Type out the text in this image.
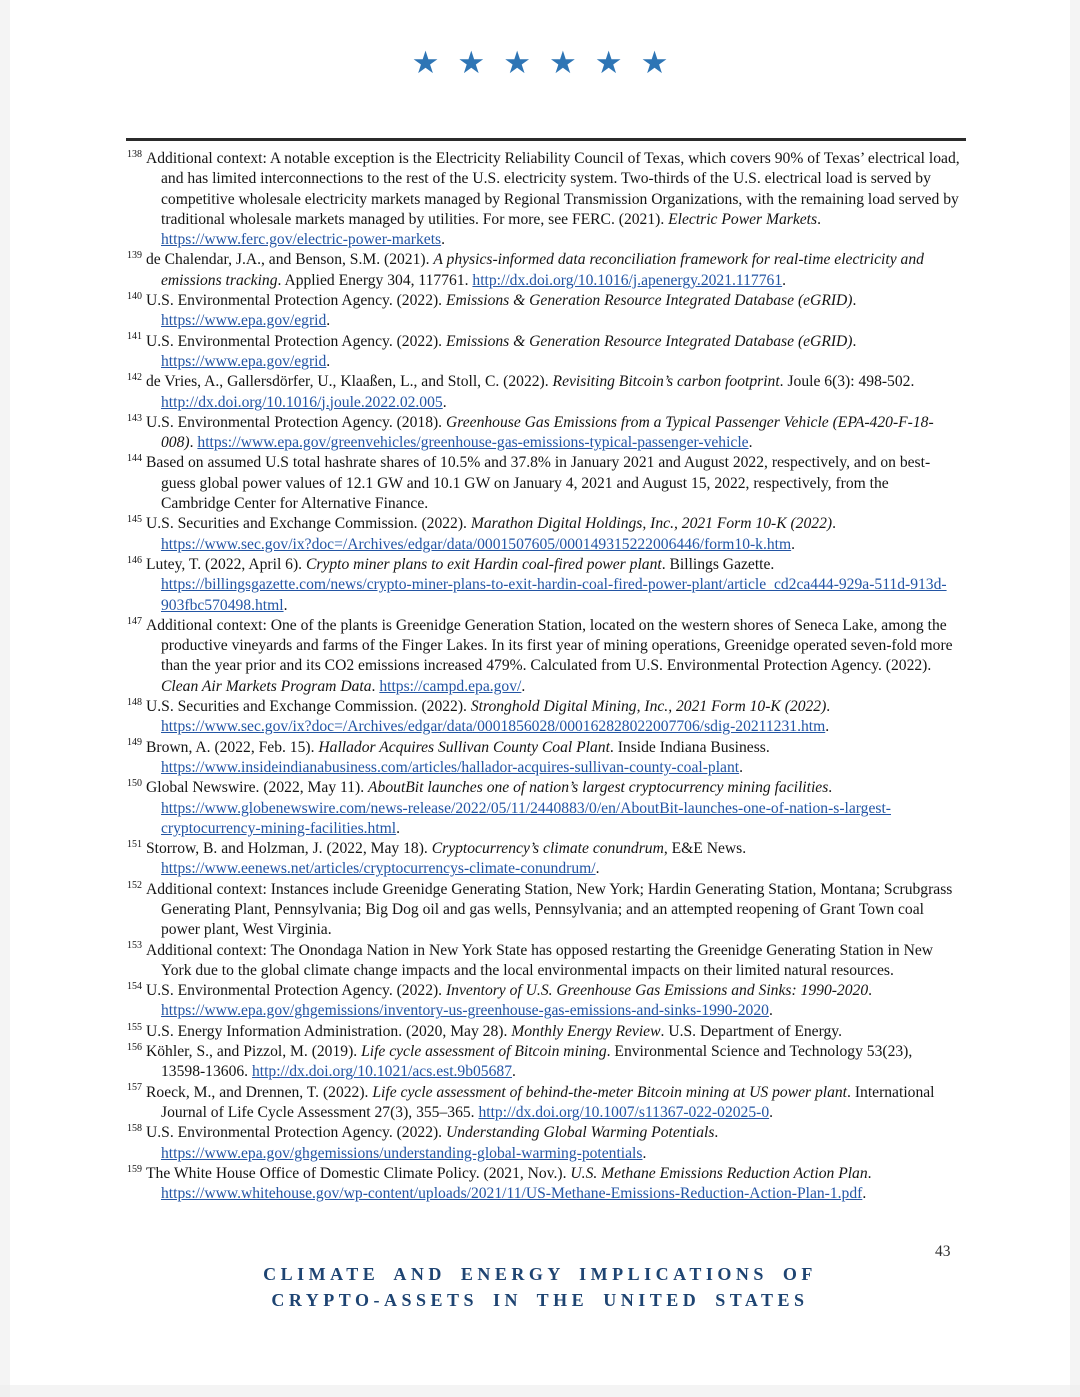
★ ★ ★ ★ ★ ★

$^{138}$ Additional context: A notable exception is the Electricity Reliability Council of Texas, which covers 90% of Texas’ electrical load, and has limited interconnections to the rest of the U.S. electricity system. Two-thirds of the U.S. electrical load is served by competitive wholesale electricity markets managed by Regional Transmission Organizations, with the remaining load served by traditional wholesale markets managed by utilities. For more, see FERC. (2021). Electric Power Markets. https://www.ferc.gov/electric-power-markets.

$^{139}$ de Chalendar, J.A., and Benson, S.M. (2021). A physics-informed data reconciliation framework for real-time electricity and emissions tracking. Applied Energy 304, 117761. http://dx.doi.org/10.1016/j.apenergy.2021.117761.

$^{140}$ U.S. Environmental Protection Agency. (2022). Emissions & Generation Resource Integrated Database (eGRID). https://www.epa.gov/egrid.

$^{141}$ U.S. Environmental Protection Agency. (2022). Emissions & Generation Resource Integrated Database (eGRID). https://www.epa.gov/egrid.

$^{142}$ de Vries, A., Gallersdörfer, U., Klaaßen, L., and Stoll, C. (2022). Revisiting Bitcoin’s carbon footprint. Joule 6(3): 498-502. http://dx.doi.org/10.1016/j.joule.2022.02.005.

$^{143}$ U.S. Environmental Protection Agency. (2018). Greenhouse Gas Emissions from a Typical Passenger Vehicle (EPA-420-F-18-008). https://www.epa.gov/greenvehicles/greenhouse-gas-emissions-typical-passenger-vehicle.

$^{144}$ Based on assumed U.S total hashrate shares of 10.5% and 37.8% in January 2021 and August 2022, respectively, and on best-guess global power values of 12.1 GW and 10.1 GW on January 4, 2021 and August 15, 2022, respectively, from the Cambridge Center for Alternative Finance.

$^{145}$ U.S. Securities and Exchange Commission. (2022). Marathon Digital Holdings, Inc., 2021 Form 10-K (2022). https://www.sec.gov/ix?doc=/Archives/edgar/data/0001507605/000149315222006446/form10-k.htm.

$^{146}$ Lutey, T. (2022, April 6). Crypto miner plans to exit Hardin coal-fired power plant. Billings Gazette. https://billingsgazette.com/news/crypto-miner-plans-to-exit-hardin-coal-fired-power-plant/article_cd2ca444-929a-511d-913d-903fbc570498.html.

$^{147}$ Additional context: One of the plants is Greenidge Generation Station, located on the western shores of Seneca Lake, among the productive vineyards and farms of the Finger Lakes. In its first year of mining operations, Greenidge operated seven-fold more than the year prior and its CO2 emissions increased 479%. Calculated from U.S. Environmental Protection Agency. (2022). Clean Air Markets Program Data. https://campd.epa.gov/.

$^{148}$ U.S. Securities and Exchange Commission. (2022). Stronghold Digital Mining, Inc., 2021 Form 10-K (2022). https://www.sec.gov/ix?doc=/Archives/edgar/data/0001856028/000162828022007706/sdig-20211231.htm.

$^{149}$ Brown, A. (2022, Feb. 15). Hallador Acquires Sullivan County Coal Plant. Inside Indiana Business. https://www.insideindianabusiness.com/articles/hallador-acquires-sullivan-county-coal-plant.

$^{150}$ Global Newswire. (2022, May 11). AboutBit launches one of nation’s largest cryptocurrency mining facilities. https://www.globenewswire.com/news-release/2022/05/11/2440883/0/en/AboutBit-launches-one-of-nation-s-largest-cryptocurrency-mining-facilities.html.

$^{151}$ Storrow, B. and Holzman, J. (2022, May 18). Cryptocurrency’s climate conundrum, E&E News. https://www.eenews.net/articles/cryptocurrencys-climate-conundrum/.

$^{152}$ Additional context: Instances include Greenidge Generating Station, New York; Hardin Generating Station, Montana; Scrubgrass Generating Plant, Pennsylvania; Big Dog oil and gas wells, Pennsylvania; and an attempted reopening of Grant Town coal power plant, West Virginia.

$^{153}$ Additional context: The Onondaga Nation in New York State has opposed restarting the Greenidge Generating Station in New York due to the global climate change impacts and the local environmental impacts on their limited natural resources.

$^{154}$ U.S. Environmental Protection Agency. (2022). Inventory of U.S. Greenhouse Gas Emissions and Sinks: 1990-2020. https://www.epa.gov/ghgemissions/inventory-us-greenhouse-gas-emissions-and-sinks-1990-2020.

$^{155}$ U.S. Energy Information Administration. (2020, May 28). Monthly Energy Review. U.S. Department of Energy.

$^{156}$ Köhler, S., and Pizzol, M. (2019). Life cycle assessment of Bitcoin mining. Environmental Science and Technology 53(23), 13598-13606. http://dx.doi.org/10.1021/acs.est.9b05687.

$^{157}$ Roeck, M., and Drennen, T. (2022). Life cycle assessment of behind-the-meter Bitcoin mining at US power plant. International Journal of Life Cycle Assessment 27(3), 355–365. http://dx.doi.org/10.1007/s11367-022-02025-0.

$^{158}$ U.S. Environmental Protection Agency. (2022). Understanding Global Warming Potentials. https://www.epa.gov/ghgemissions/understanding-global-warming-potentials.

$^{159}$ The White House Office of Domestic Climate Policy. (2021, Nov.). U.S. Methane Emissions Reduction Action Plan. https://www.whitehouse.gov/wp-content/uploads/2021/11/US-Methane-Emissions-Reduction-Action-Plan-1.pdf.

43
CLIMATE AND ENERGY IMPLICATIONS OF
CRYPTO-ASSETS IN THE UNITED STATES
